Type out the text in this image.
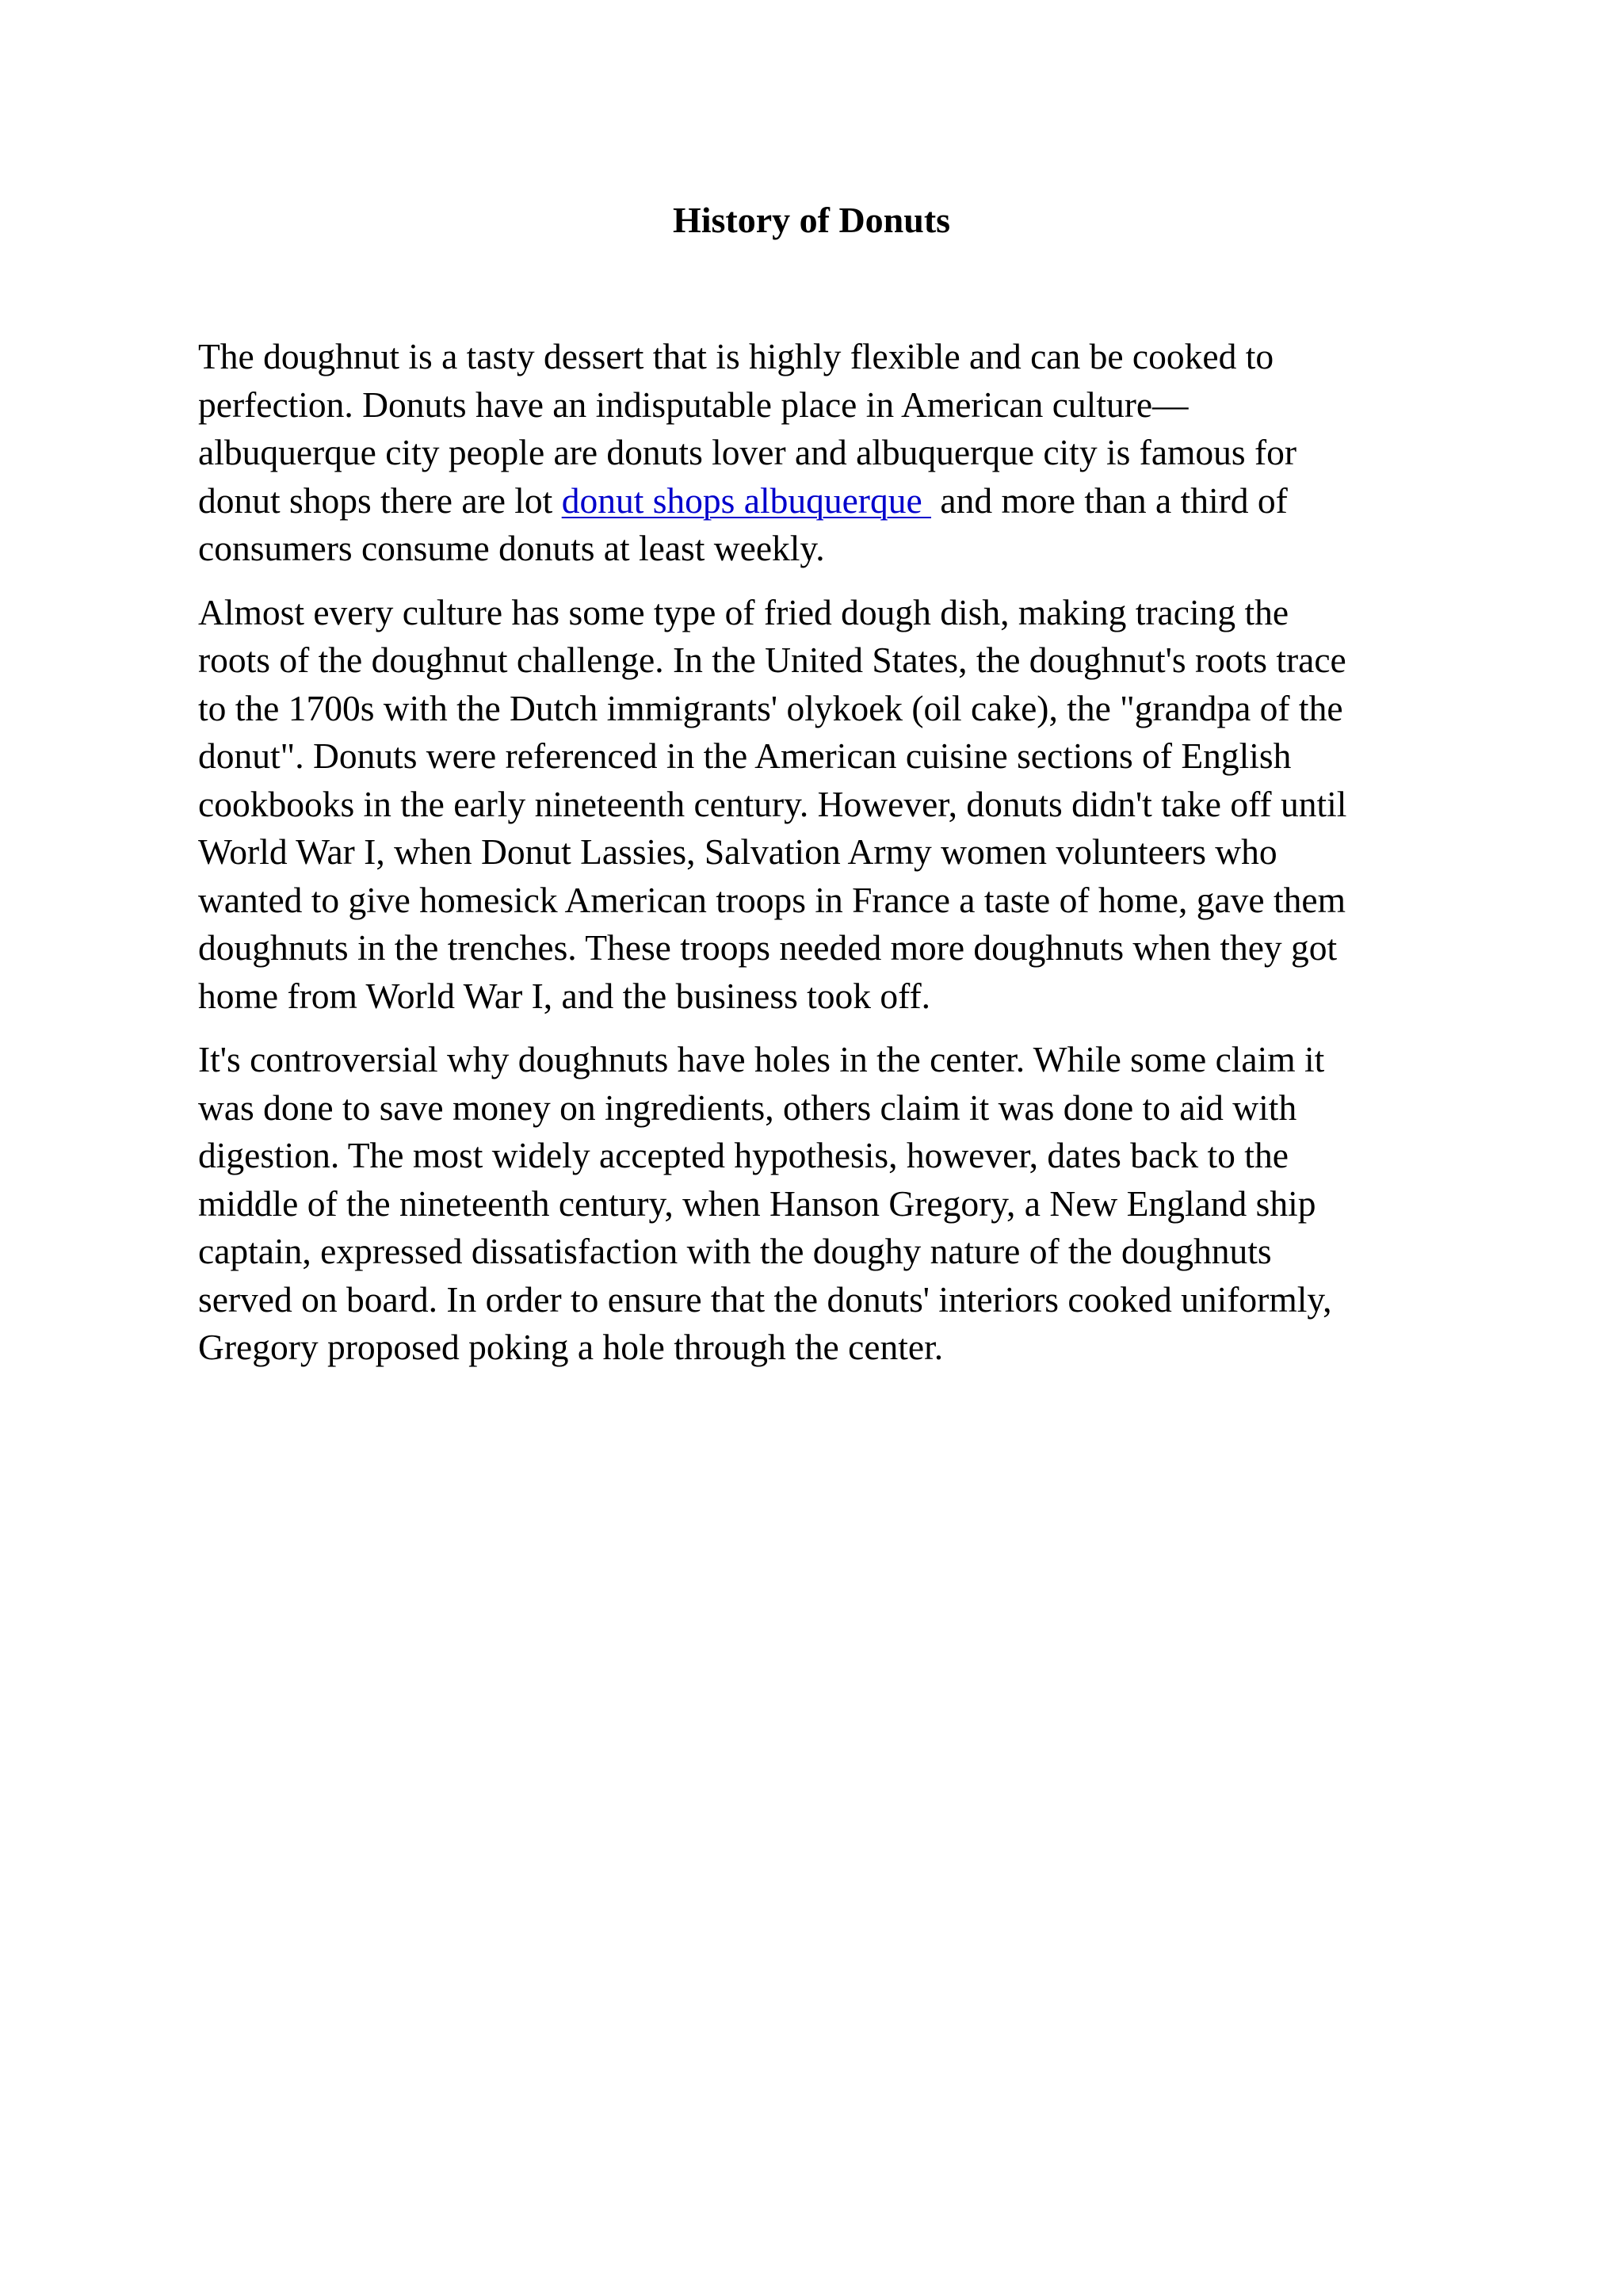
History of Donuts

The doughnut is a tasty dessert that is highly flexible and can be cooked to
perfection. Donuts have an indisputable place in American culture—
albuquerque city people are donuts lover and albuquerque city is famous for
donut shops there are lot donut shops albuquerque  and more than a third of
consumers consume donuts at least weekly.

Almost every culture has some type of fried dough dish, making tracing the
roots of the doughnut challenge. In the United States, the doughnut's roots trace
to the 1700s with the Dutch immigrants' olykoek (oil cake), the "grandpa of the
donut". Donuts were referenced in the American cuisine sections of English
cookbooks in the early nineteenth century. However, donuts didn't take off until
World War I, when Donut Lassies, Salvation Army women volunteers who
wanted to give homesick American troops in France a taste of home, gave them
doughnuts in the trenches. These troops needed more doughnuts when they got
home from World War I, and the business took off.

It's controversial why doughnuts have holes in the center. While some claim it
was done to save money on ingredients, others claim it was done to aid with
digestion. The most widely accepted hypothesis, however, dates back to the
middle of the nineteenth century, when Hanson Gregory, a New England ship
captain, expressed dissatisfaction with the doughy nature of the doughnuts
served on board. In order to ensure that the donuts' interiors cooked uniformly,
Gregory proposed poking a hole through the center.
